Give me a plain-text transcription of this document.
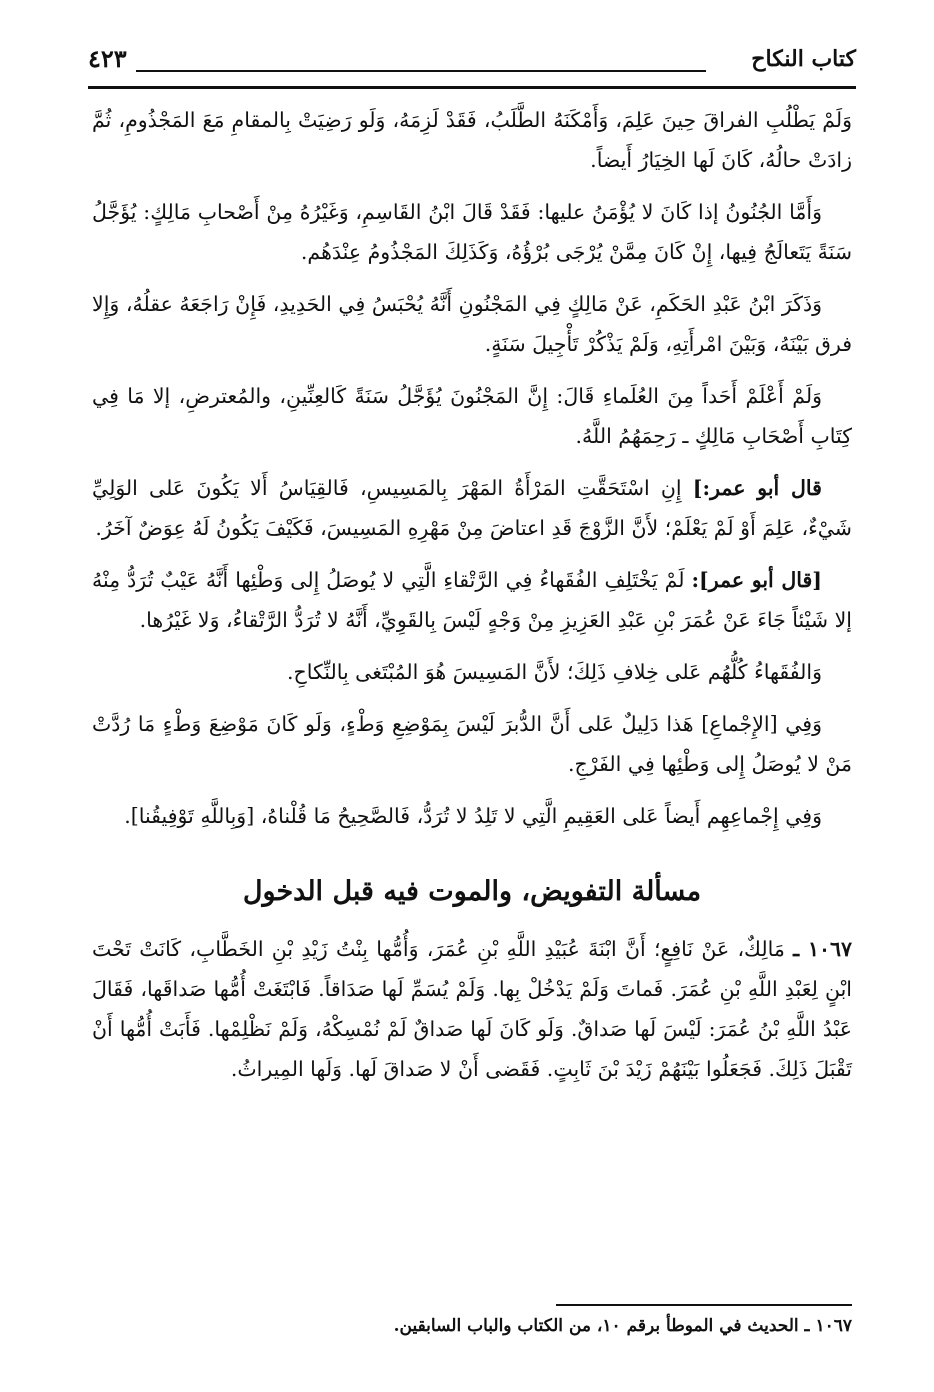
كتاب النكاح
٤٢٣

وَلَمْ يَطْلُبِ الفراقَ حِينَ عَلِمَ، وَأَمْكَنَهُ الطَّلَبُ، فَقَدْ لَزِمَهُ، وَلَو رَضِيَتْ بِالمقامِ مَعَ المَجْذُومِ، ثُمَّ زادَتْ حالُهُ، كَانَ لَها الخِيَارُ أَيضاً.

وَأَمَّا الجُنُونُ إذا كَانَ لا يُؤْمَنُ عليها: فَقَدْ قَالَ ابْنُ القَاسِمِ، وَغَيْرُهُ مِنْ أَصْحابِ مَالِكٍ: يُؤَجَّلُ سَنَةً يَتَعالَجُ فِيها، إِنْ كَانَ مِمَّنْ يُرْجَى بُرْؤُهُ، وَكَذَلِكَ المَجْذُومُ عِنْدَهُم.

وَذَكَرَ ابْنُ عَبْدِ الحَكَمِ، عَنْ مَالِكٍ فِي المَجْنُونِ أَنَّهُ يُحْبَسُ فِي الحَدِيدِ، فَإِنْ رَاجَعَهُ عقلُهُ، وَإِلا فرق بَيْنَهُ، وَبَيْنَ امْرأَتِهِ، وَلَمْ يَذْكُرْ تَأْجِيلَ سَنَةٍ.

وَلَمْ أَعْلَمْ أَحَداً مِنَ العُلَماءِ قَالَ: إِنَّ المَجْنُونَ يُؤَجَّلُ سَنَةً كَالعِنِّينِ، والمُعترضِ، إلا مَا فِي كِتَابِ أَصْحَابِ مَالِكٍ ـ رَحِمَهُمُ اللَّهُ.

قال أبو عمر:] إِنِ اسْتَحَقَّتِ المَرْأَةُ المَهْرَ بِالمَسِيسِ، فَالقِيَاسُ أَلا يَكُونَ عَلى الوَلِيِّ شَيْءٌ، عَلِمَ أَوْ لَمْ يَعْلَمْ؛ لأَنَّ الزَّوْجَ قَدِ اعتاضَ مِنْ مَهْرِهِ المَسِيسَ، فَكَيْفَ يَكُونُ لَهُ عِوَضٌ آخَرُ.

[قال أبو عمر]: لَمْ يَخْتَلِفِ الفُقَهاءُ فِي الرَّتْقاءِ الَّتِي لا يُوصَلُ إِلى وَطْئِها أَنَّهُ عَيْبٌ تُرَدُّ مِنْهُ إلا شَيْئاً جَاءَ عَنْ عُمَرَ بْنِ عَبْدِ العَزِيزِ مِنْ وَجْهٍ لَيْسَ بِالقَوِيِّ، أَنَّهُ لا تُرَدُّ الرَّتْقاءُ، وَلا غَيْرُها.

وَالفُقَهاءُ كُلُّهُم عَلى خِلافِ ذَلِكَ؛ لأَنَّ المَسِيسَ هُوَ المُبْتَغى بِالنِّكاحِ.

وَفِي [الإِجْماعِ] هَذا دَلِيلٌ عَلى أَنَّ الدُّبرَ لَيْسَ بِمَوْضِعِ وَطْءٍ، وَلَو كَانَ مَوْضِعَ وَطْءٍ مَا رُدَّتْ مَنْ لا يُوصَلُ إِلى وَطْئِها فِي الفَرْجِ.

وَفِي إِجْماعِهِم أَيضاً عَلى العَقِيمِ الَّتِي لا تَلِدُ لا تُرَدُّ، فَالصَّحِيحُ مَا قُلْناهُ، [وَبِاللَّهِ تَوْفِيقُنا].

مسألة التفويض، والموت فيه قبل الدخول

١٠٦٧ ـ مَالِكٌ، عَنْ نَافِعٍ؛ أَنَّ ابْنَةَ عُبَيْدِ اللَّهِ بْنِ عُمَرَ، وَأُمُّها بِنْتُ زَيْدِ بْنِ الخَطَّابِ، كَانَتْ تَحْتَ ابْنٍ لِعَبْدِ اللَّهِ بْنِ عُمَرَ. فَماتَ وَلَمْ يَدْخُلْ بِها. وَلَمْ يُسَمِّ لَها صَدَاقاً. فَابْتَغَتْ أُمُّها صَداقَها، فَقَالَ عَبْدُ اللَّهِ بْنُ عُمَرَ: لَيْسَ لَها صَداقٌ. وَلَو كَانَ لَها صَداقٌ لَمْ نُمْسِكْهُ، وَلَمْ نَظْلِمْها. فَأَبَتْ أُمُّها أَنْ تَقْبَلَ ذَلِكَ. فَجَعَلُوا بَيْنَهُمْ زَيْدَ بْنَ ثَابِتٍ. فَقَضى أَنْ لا صَداقَ لَها. وَلَها المِيراثُ.

١٠٦٧ ـ الحديث في الموطأ برقم ١٠، من الكتاب والباب السابقين.
